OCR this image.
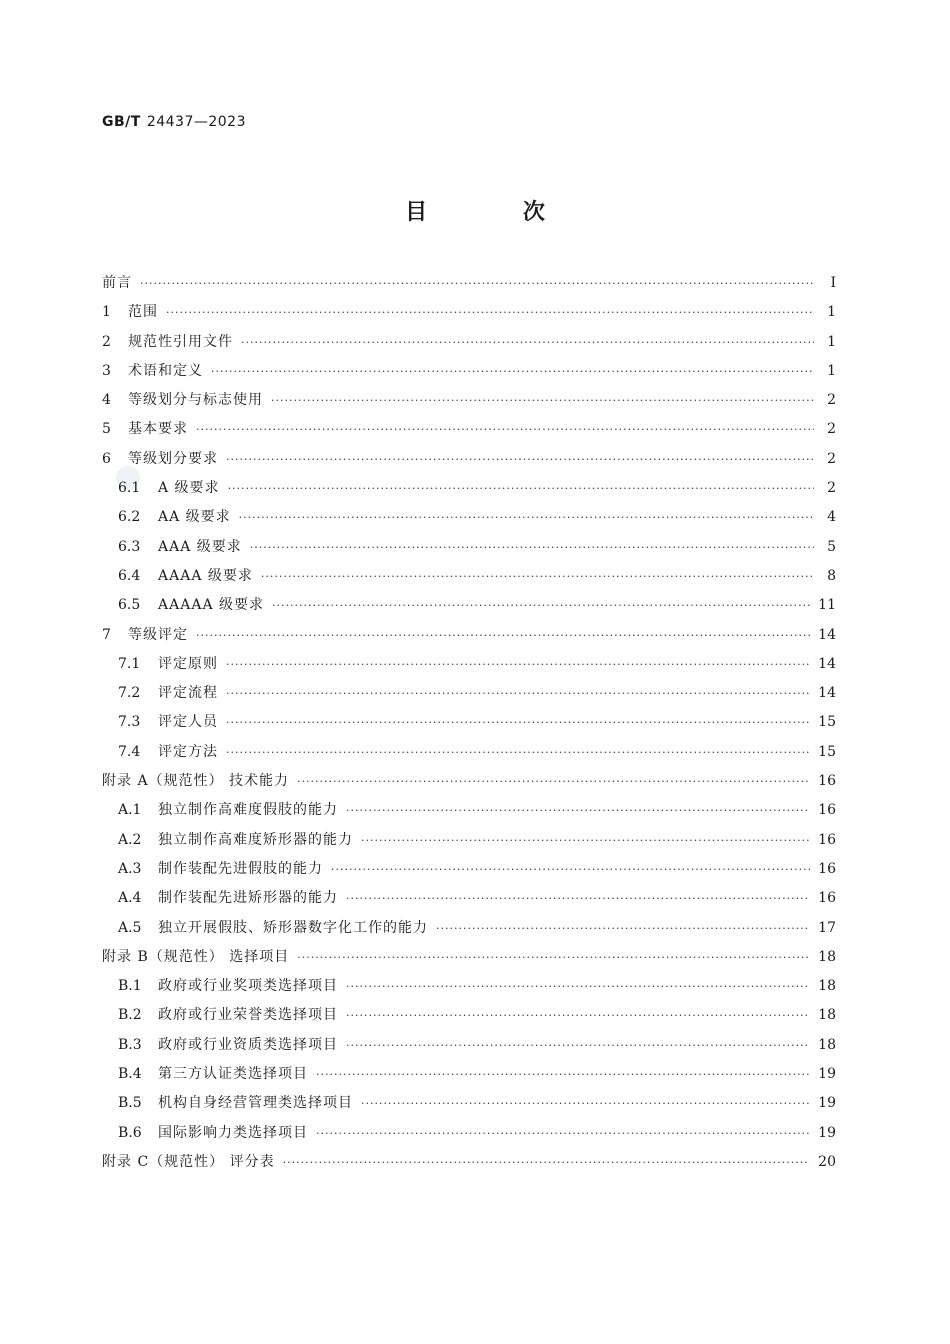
GB/T 24437—2023
目 次
前言 ·····	Ⅰ
1	范围 ·····	1
2	规范性引用文件 ·····	1
3	术语和定义 ·····	1
4	等级划分与标志使用 ·····	2
5	基本要求 ·····	2
6	等级划分要求 ·····	2
6.1	A 级要求 ·····	2
6.2	AA 级要求 ·····	4
6.3	AAA 级要求 ·····	5
6.4	AAAA 级要求 ·····	8
6.5	AAAAA 级要求 ·····	11
7	等级评定 ·····	14
7.1	评定原则 ·····	14
7.2	评定流程 ·····	14
7.3	评定人员 ·····	15
7.4	评定方法 ·····	15
附录 A（规范性） 技术能力 ·····	16
A.1	独立制作高难度假肢的能力 ·····	16
A.2	独立制作高难度矫形器的能力 ·····	16
A.3	制作装配先进假肢的能力 ·····	16
A.4	制作装配先进矫形器的能力 ·····	16
A.5	独立开展假肢、矫形器数字化工作的能力 ·····	17
附录 B（规范性） 选择项目 ·····	18
B.1	政府或行业奖项类选择项目 ·····	18
B.2	政府或行业荣誉类选择项目 ·····	18
B.3	政府或行业资质类选择项目 ·····	18
B.4	第三方认证类选择项目 ·····	19
B.5	机构自身经营管理类选择项目 ·····	19
B.6	国际影响力类选择项目 ·····	19
附录 C（规范性） 评分表 ·····	20
